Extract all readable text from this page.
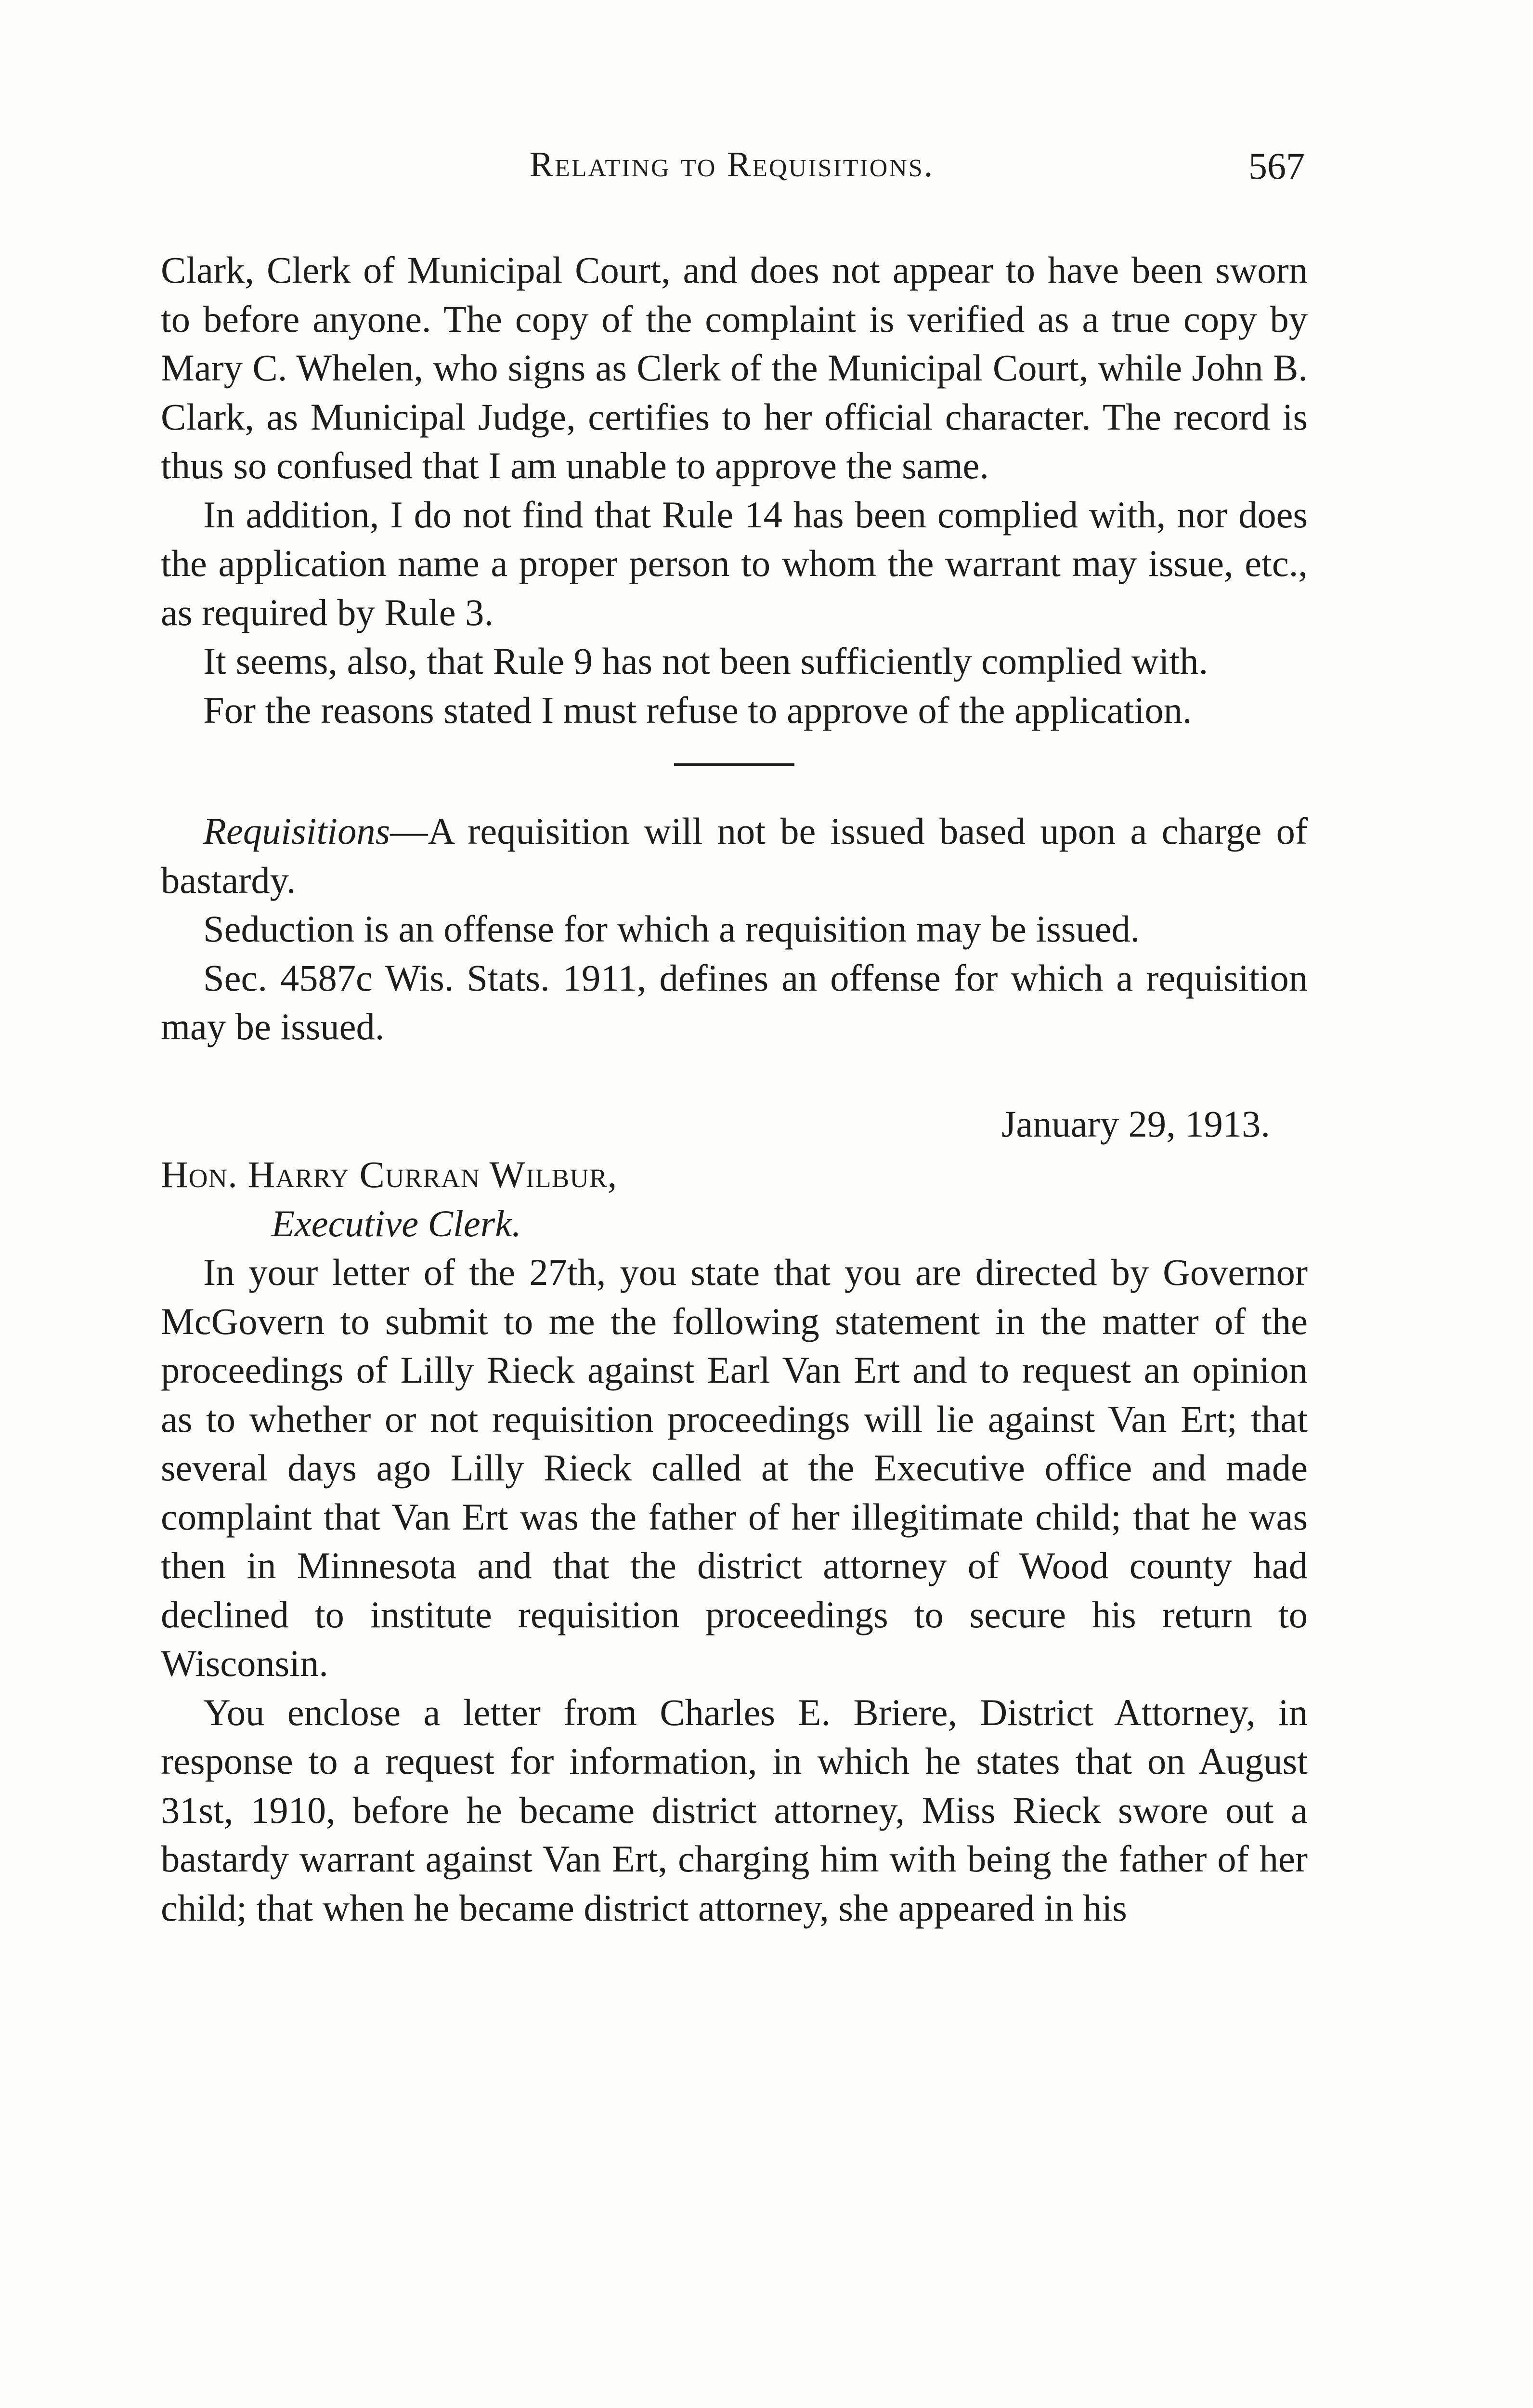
Relating to Requisitions.	567

Clark, Clerk of Municipal Court, and does not appear to have been sworn to before anyone. The copy of the complaint is verified as a true copy by Mary C. Whelen, who signs as Clerk of the Municipal Court, while John B. Clark, as Municipal Judge, certifies to her official character. The record is thus so confused that I am unable to approve the same.

In addition, I do not find that Rule 14 has been complied with, nor does the application name a proper person to whom the warrant may issue, etc., as required by Rule 3.

It seems, also, that Rule 9 has not been sufficiently complied with.

For the reasons stated I must refuse to approve of the application.

Requisitions—A requisition will not be issued based upon a charge of bastardy.

Seduction is an offense for which a requisition may be issued.

Sec. 4587c Wis. Stats. 1911, defines an offense for which a requisition may be issued.

January 29, 1913.

Hon. Harry Curran Wilbur,

Executive Clerk.

In your letter of the 27th, you state that you are directed by Governor McGovern to submit to me the following statement in the matter of the proceedings of Lilly Rieck against Earl Van Ert and to request an opinion as to whether or not requisition proceedings will lie against Van Ert; that several days ago Lilly Rieck called at the Executive office and made complaint that Van Ert was the father of her illegitimate child; that he was then in Minnesota and that the district attorney of Wood county had declined to institute requisition proceedings to secure his return to Wisconsin.

You enclose a letter from Charles E. Briere, District Attorney, in response to a request for information, in which he states that on August 31st, 1910, before he became district attorney, Miss Rieck swore out a bastardy warrant against Van Ert, charging him with being the father of her child; that when he became district attorney, she appeared in his
